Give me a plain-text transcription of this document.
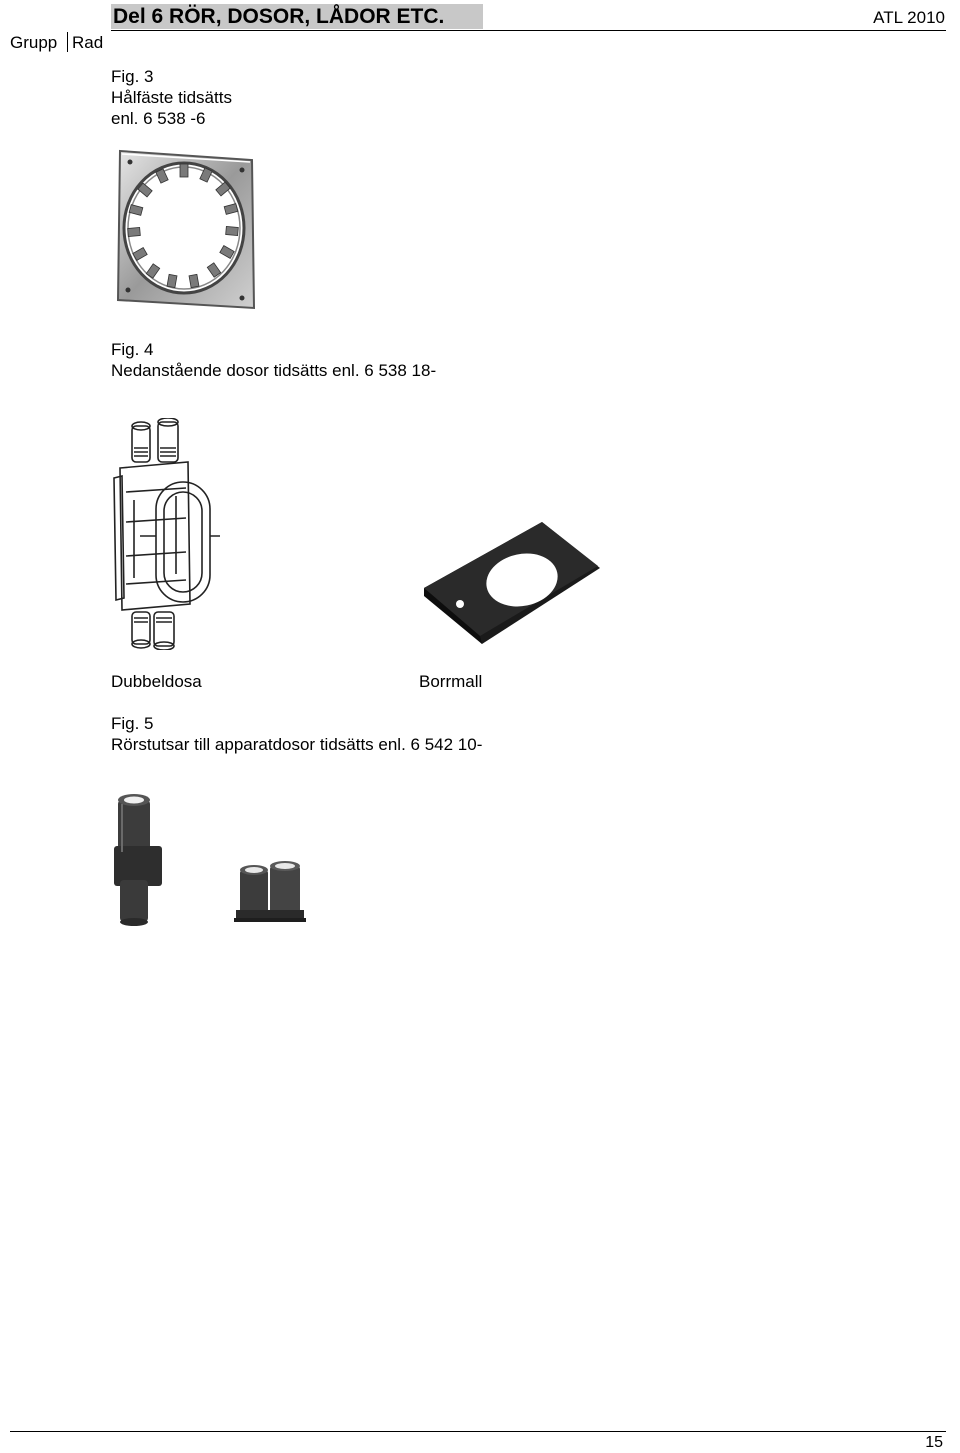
Del 6 RÖR, DOSOR, LÅDOR ETC.	ATL 2010
Grupp Rad
Fig. 3
Hålfäste tidsätts
enl. 6 538 -6
Fig. 4
Nedanstående dosor tidsätts enl. 6 538 18-
Dubbeldosa	Borrmall
Fig. 5
Rörstutsar till apparatdosor tidsätts enl. 6 542 10-
15
